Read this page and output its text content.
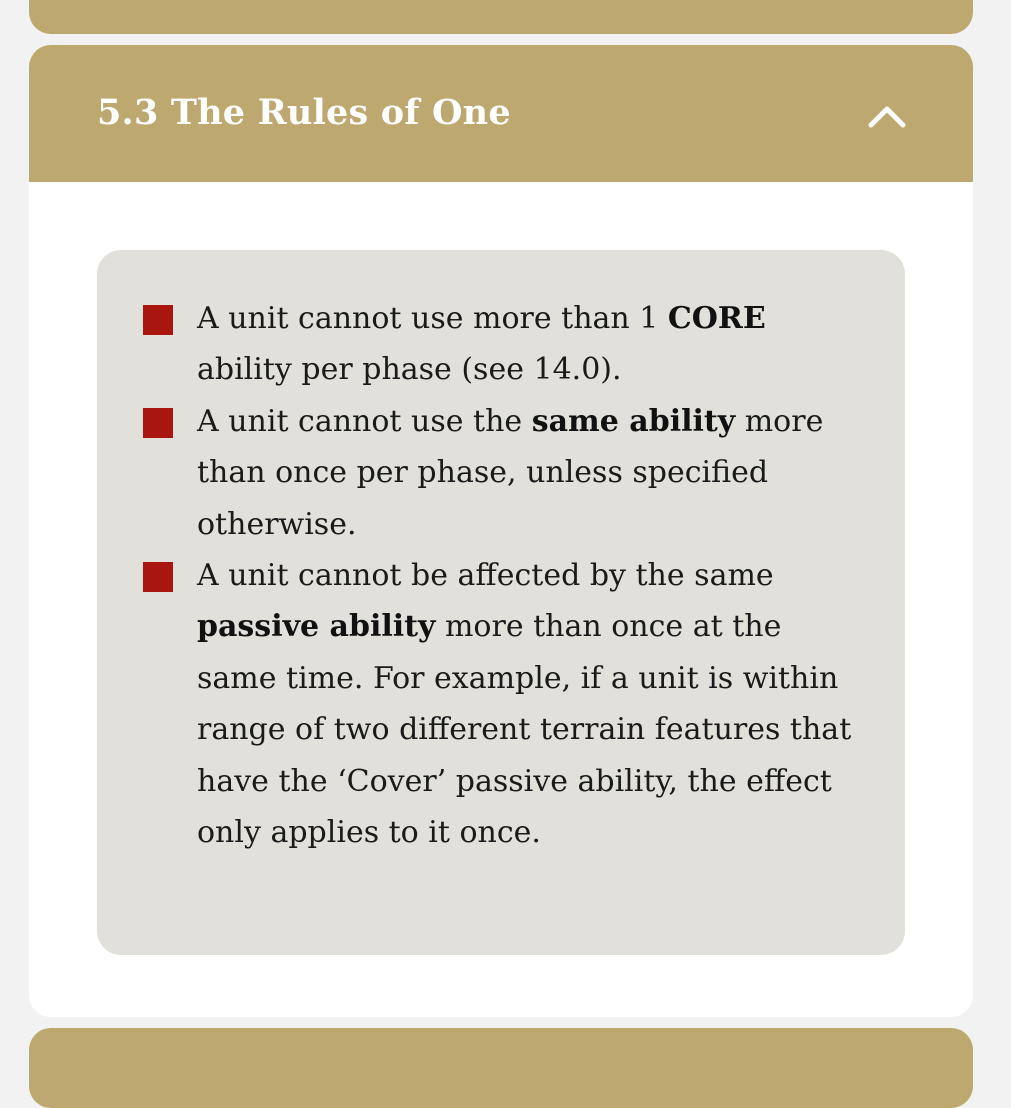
5.3 The Rules of One
A unit cannot use more than 1 CORE ability per phase (see 14.0).
A unit cannot use the same ability more than once per phase, unless specified otherwise.
A unit cannot be affected by the same passive ability more than once at the same time. For example, if a unit is within range of two different terrain features that have the ‘Cover’ passive ability, the effect only applies to it once.
